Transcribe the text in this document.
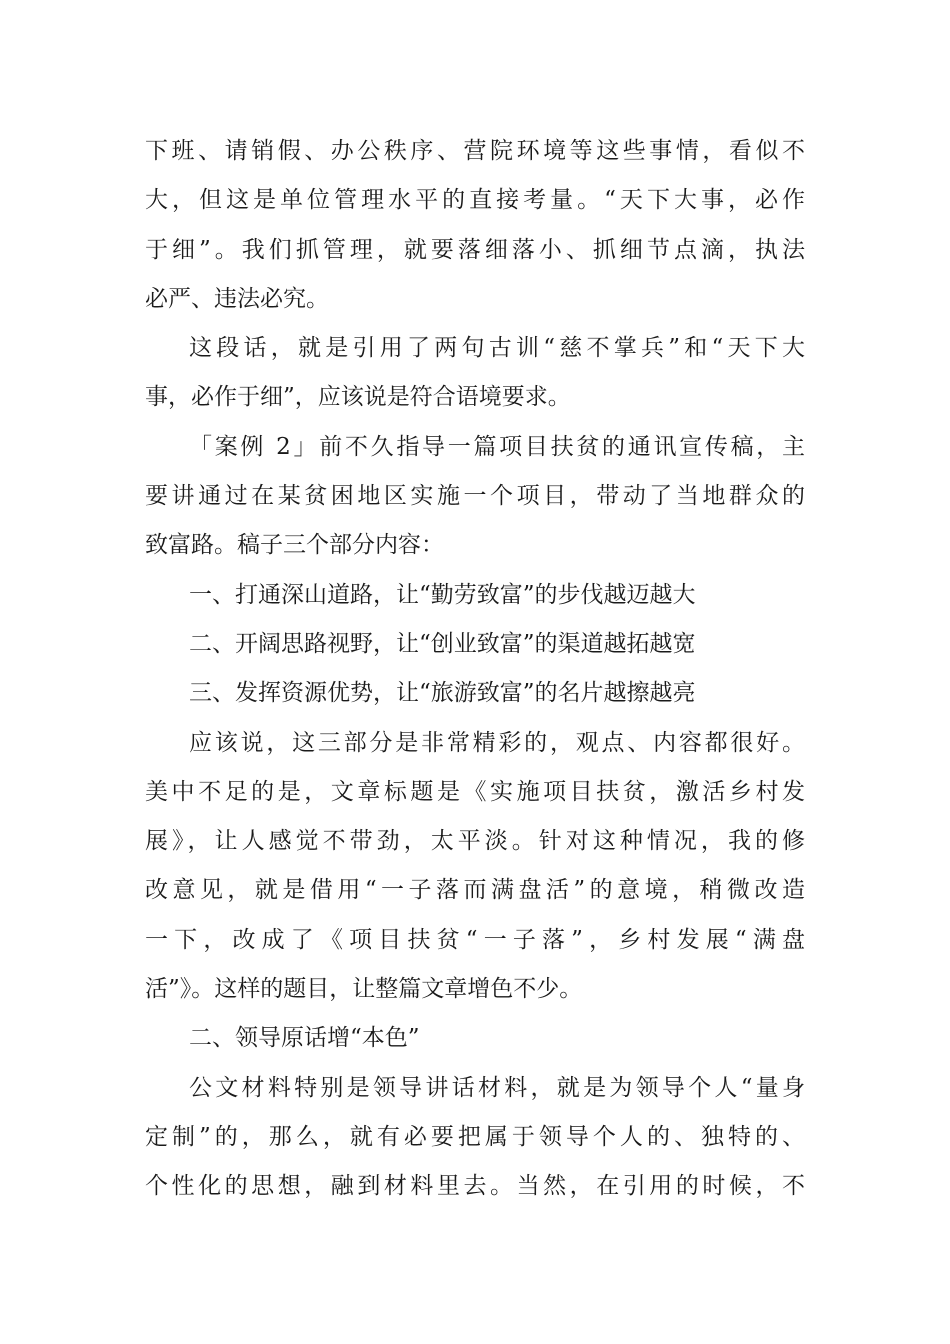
下班、请销假、办公秩序、营院环境等这些事情，看似不
大，但这是单位管理水平的直接考量。“天下大事，必作
于细”。我们抓管理，就要落细落小、抓细节点滴，执法
必严、违法必究。
这段话，就是引用了两句古训“慈不掌兵”和“天下大
事，必作于细”，应该说是符合语境要求。
「案例 2」前不久指导一篇项目扶贫的通讯宣传稿，主
要讲通过在某贫困地区实施一个项目，带动了当地群众的
致富路。稿子三个部分内容：
一、打通深山道路，让“勤劳致富”的步伐越迈越大
二、开阔思路视野，让“创业致富”的渠道越拓越宽
三、发挥资源优势，让“旅游致富”的名片越擦越亮
应该说，这三部分是非常精彩的，观点、内容都很好。
美中不足的是，文章标题是《实施项目扶贫，激活乡村发
展》，让人感觉不带劲，太平淡。针对这种情况，我的修
改意见，就是借用“一子落而满盘活”的意境，稍微改造
一下，改成了《项目扶贫“一子落”，乡村发展“满盘
活”》。这样的题目，让整篇文章增色不少。
二、领导原话增“本色”
公文材料特别是领导讲话材料，就是为领导个人“量身
定制”的，那么，就有必要把属于领导个人的、独特的、
个性化的思想，融到材料里去。当然，在引用的时候，不
